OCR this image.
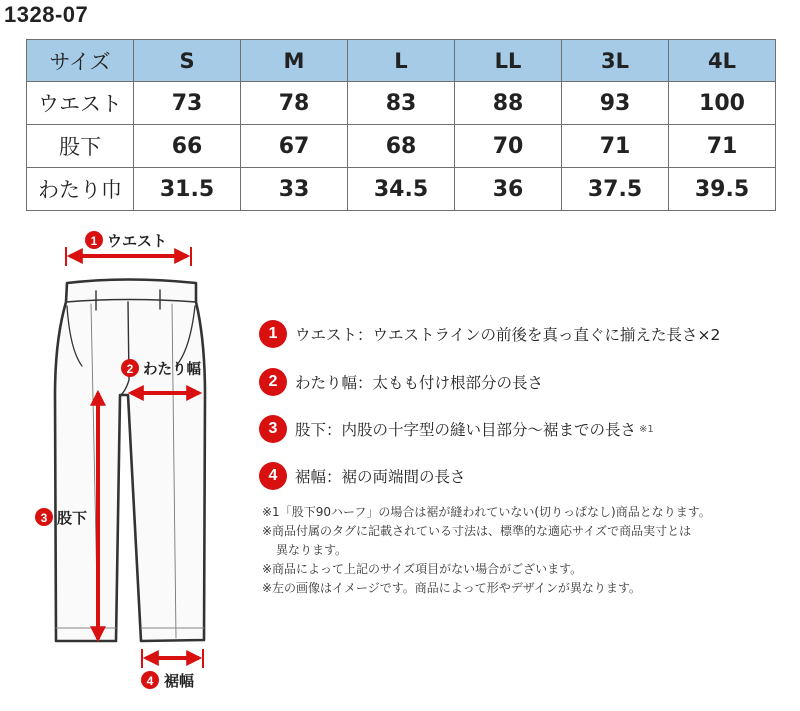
1328-07
サイズ	S	M	L	LL	3L	4L
ウエスト	73	78	83	88	93	100
股下	66	67	68	70	71	71
わたり巾	31.5	33	34.5	36	37.5	39.5
1 ウエスト
2 わたり幅
3 股下
4 裾幅
1	ウエスト：ウエストラインの前後を真っ直ぐに揃えた長さ×2
2	わたり幅：太もも付け根部分の長さ
3	股下：内股の十字型の縫い目部分〜裾までの長さ ※1
4	裾幅：裾の両端間の長さ
※1「股下90ハーフ」の場合は裾が縫われていない(切りっぱなし)商品となります。
※商品付属のタグに記載されている寸法は、標準的な適応サイズで商品実寸とは
異なります。
※商品によって上記のサイズ項目がない場合がございます。
※左の画像はイメージです。商品によって形やデザインが異なります。
